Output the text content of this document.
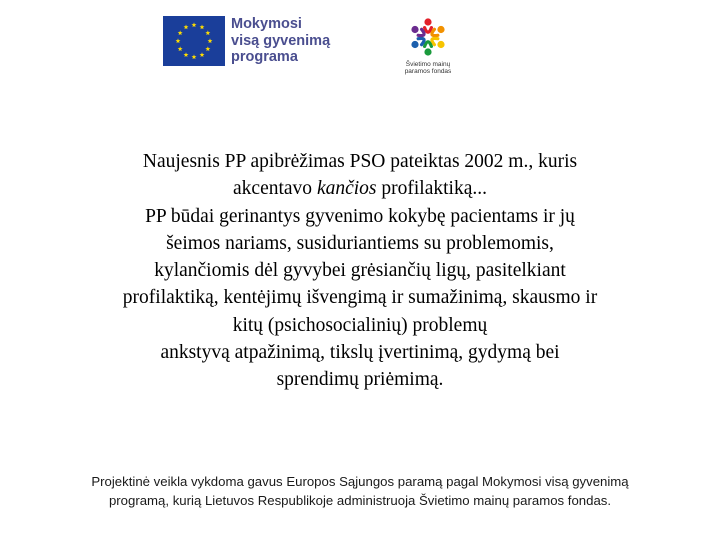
Mokymosi
visą gyvenimą
programa	Švietimo mainų
paramos fondas
Naujesnis PP apibrėžimas PSO pateiktas 2002 m., kuris
akcentavo kančios profilaktiką...
PP būdai gerinantys gyvenimo kokybę pacientams ir jų
šeimos nariams, susiduriantiems su problemomis,
kylančiomis dėl gyvybei grėsiančių ligų, pasitelkiant
profilaktiką, kentėjimų išvengimą ir sumažinimą, skausmo ir
kitų (psichosocialinių) problemų
ankstyvą atpažinimą, tikslų įvertinimą, gydymą bei
sprendimų priėmimą.
Projektinė veikla vykdoma gavus Europos Sąjungos paramą pagal Mokymosi visą gyvenimą
programą, kurią Lietuvos Respublikoje administruoja Švietimo mainų paramos fondas.
